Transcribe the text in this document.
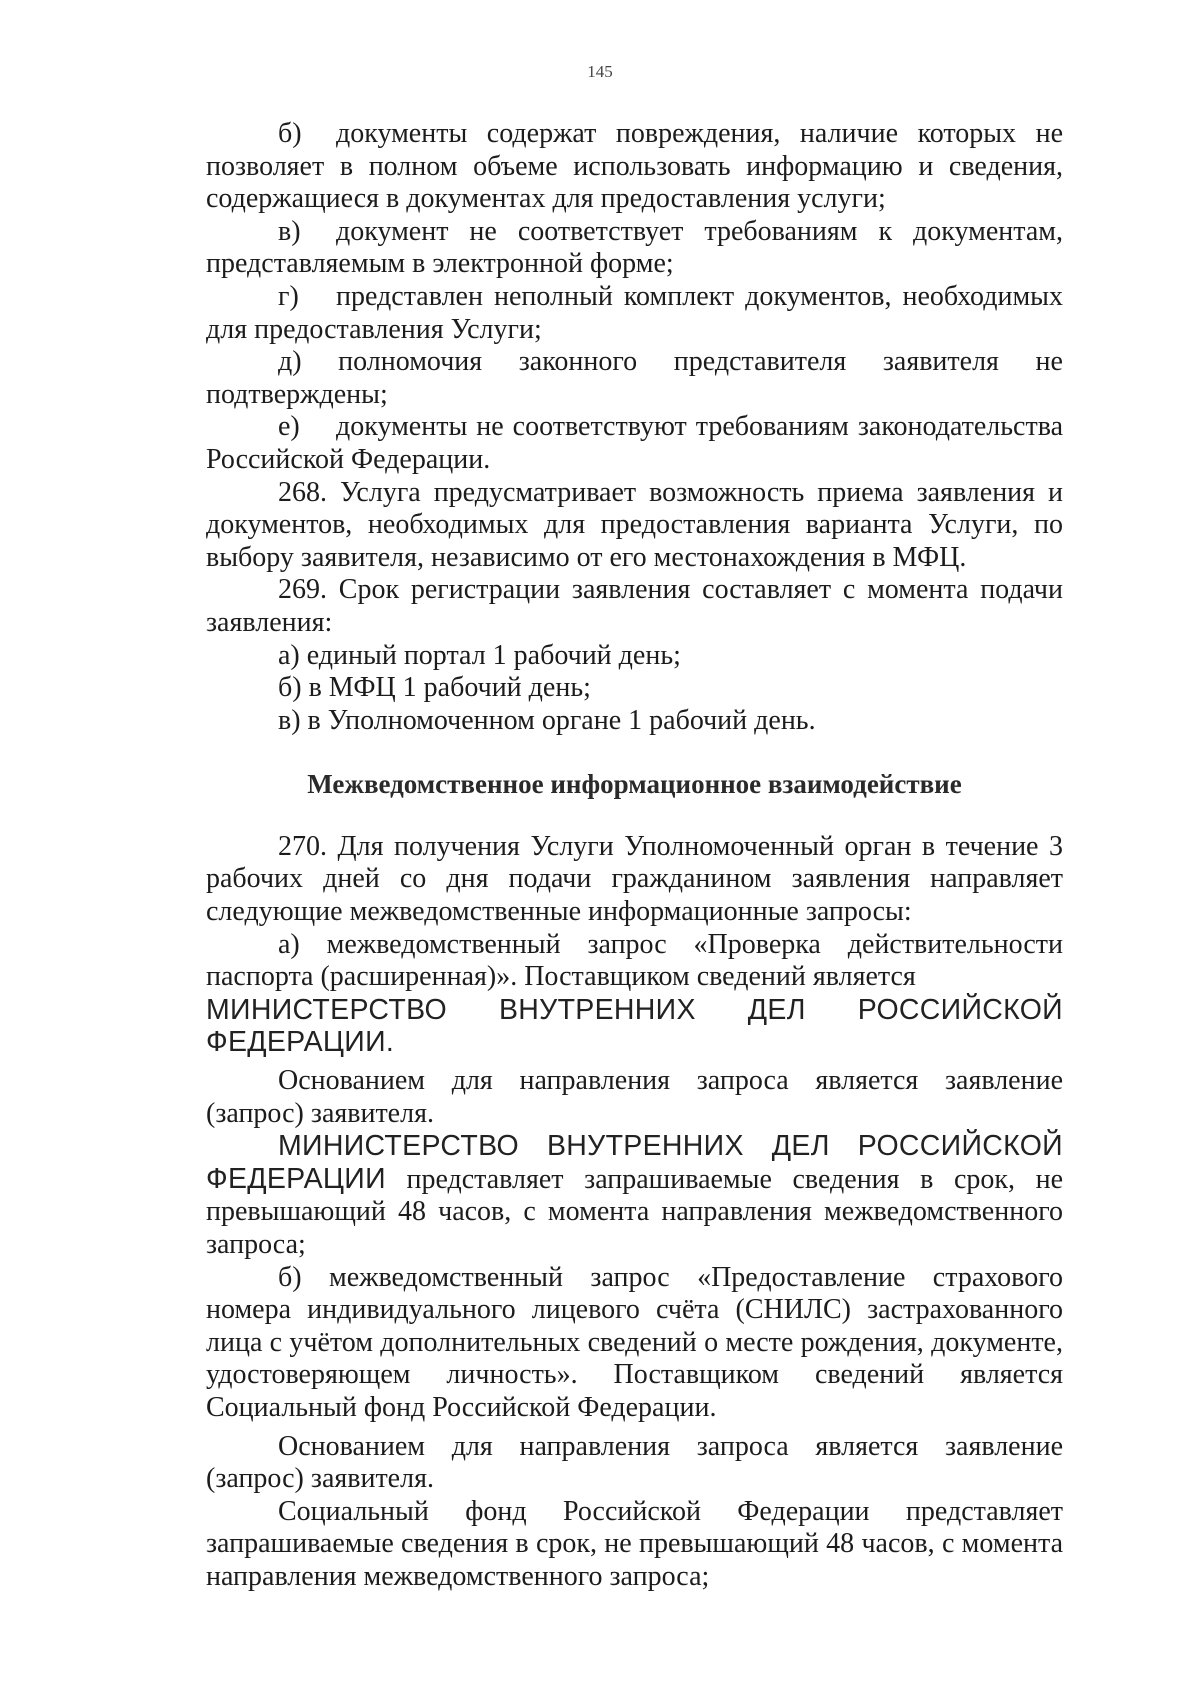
145

б) документы содержат повреждения, наличие которых не позволяет в полном объеме использовать информацию и сведения, содержащиеся в документах для предоставления услуги;

в) документ не соответствует требованиям к документам, представляемым в электронной форме;

г) представлен неполный комплект документов, необходимых для предоставления Услуги;

д) полномочия законного представителя заявителя не
подтверждены;

е) документы не соответствуют требованиям законодательства Российской Федерации.

268. Услуга предусматривает возможность приема заявления и документов, необходимых для предоставления варианта Услуги, по выбору заявителя, независимо от его местонахождения в МФЦ.

269. Срок регистрации заявления составляет с момента подачи заявления:

а) единый портал 1 рабочий день;

б) в МФЦ 1 рабочий день;

в) в Уполномоченном органе 1 рабочий день.

Межведомственное информационное взаимодействие

270. Для получения Услуги Уполномоченный орган в течение 3 рабочих дней со дня подачи гражданином заявления направляет следующие межведомственные информационные запросы:

а) межведомственный запрос «Проверка действительности паспорта (расширенная)». Поставщиком сведений является

МИНИСТЕРСТВО ВНУТРЕННИХ ДЕЛ РОССИЙСКОЙ
ФЕДЕРАЦИИ.

Основанием для направления запроса является заявление (запрос) заявителя.

МИНИСТЕРСТВО ВНУТРЕННИХ ДЕЛ РОССИЙСКОЙ

ФЕДЕРАЦИИ представляет запрашиваемые сведения в срок, не превышающий 48 часов, с момента направления межведомственного запроса;

б) межведомственный запрос «Предоставление страхового номера индивидуального лицевого счёта (СНИЛС) застрахованного лица с учётом дополнительных сведений о месте рождения, документе, удостоверяющем личность». Поставщиком сведений является Социальный фонд Российской Федерации.

Основанием для направления запроса является заявление (запрос) заявителя.

Социальный фонд Российской Федерации представляет запрашиваемые сведения в срок, не превышающий 48 часов, с момента направления межведомственного запроса;
